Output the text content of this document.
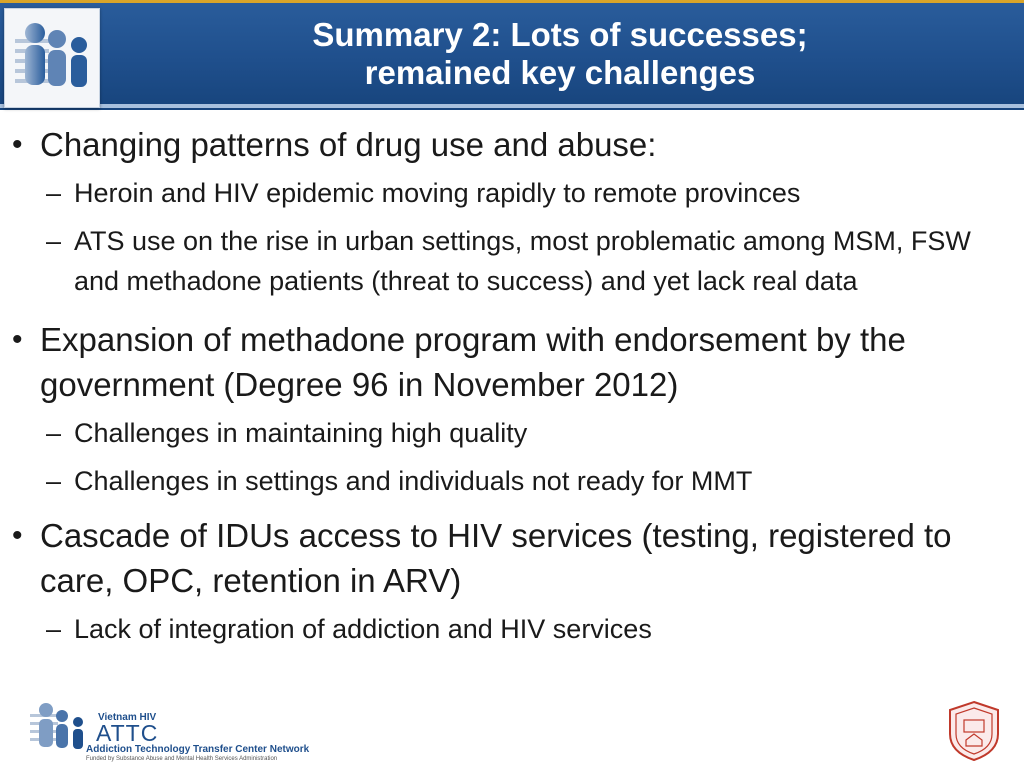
Summary 2: Lots of successes;
remained key challenges
• Changing patterns of drug use and abuse:
– Heroin and HIV epidemic moving rapidly to remote provinces
– ATS use on the rise in urban settings, most problematic among MSM, FSW and methadone patients (threat to success) and yet lack real data
• Expansion of methadone program with endorsement by the government (Degree 96 in November 2012)
– Challenges in maintaining high quality
– Challenges in settings and individuals not ready for MMT
• Cascade of IDUs access to HIV services (testing, registered to care, OPC, retention in ARV)
– Lack of integration of addiction and HIV services
Vietnam HIV
ATTC
Addiction Technology Transfer Center Network
Funded by Substance Abuse and Mental Health Services Administration
